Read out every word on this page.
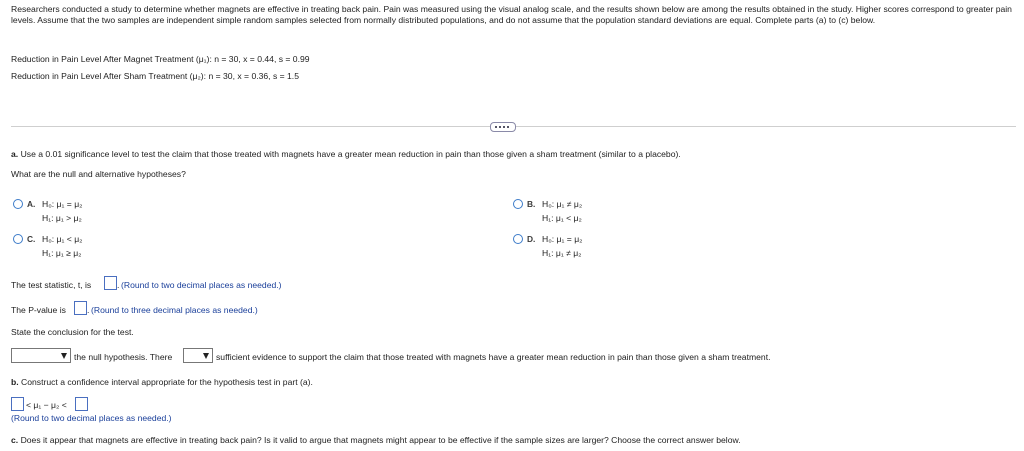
Researchers conducted a study to determine whether magnets are effective in treating back pain. Pain was measured using the visual analog scale, and the results shown below are among the results obtained in the study. Higher scores correspond to greater pain levels. Assume that the two samples are independent simple random samples selected from normally distributed populations, and do not assume that the population standard deviations are equal. Complete parts (a) to (c) below.
Reduction in Pain Level After Magnet Treatment (μ₁): n = 30, x = 0.44, s = 0.99
Reduction in Pain Level After Sham Treatment (μ₂): n = 30, x = 0.36, s = 1.5
a. Use a 0.01 significance level to test the claim that those treated with magnets have a greater mean reduction in pain than those given a sham treatment (similar to a placebo).
What are the null and alternative hypotheses?
A. H₀: μ₁ = μ₂
H₁: μ₁ > μ₂
B. H₀: μ₁ ≠ μ₂
H₁: μ₁ < μ₂
C. H₀: μ₁ < μ₂
H₁: μ₁ ≥ μ₂
D. H₀: μ₁ = μ₂
H₁: μ₁ ≠ μ₂
The test statistic, t, is	. (Round to two decimal places as needed.)
The P-value is . (Round to three decimal places as needed.)
State the conclusion for the test.
the null hypothesis. There	sufficient evidence to support the claim that those treated with magnets have a greater mean reduction in pain than those given a sham treatment.
b. Construct a confidence interval appropriate for the hypothesis test in part (a).
< μ₁ − μ₂ <
(Round to two decimal places as needed.)
c. Does it appear that magnets are effective in treating back pain? Is it valid to argue that magnets might appear to be effective if the sample sizes are larger? Choose the correct answer below.
